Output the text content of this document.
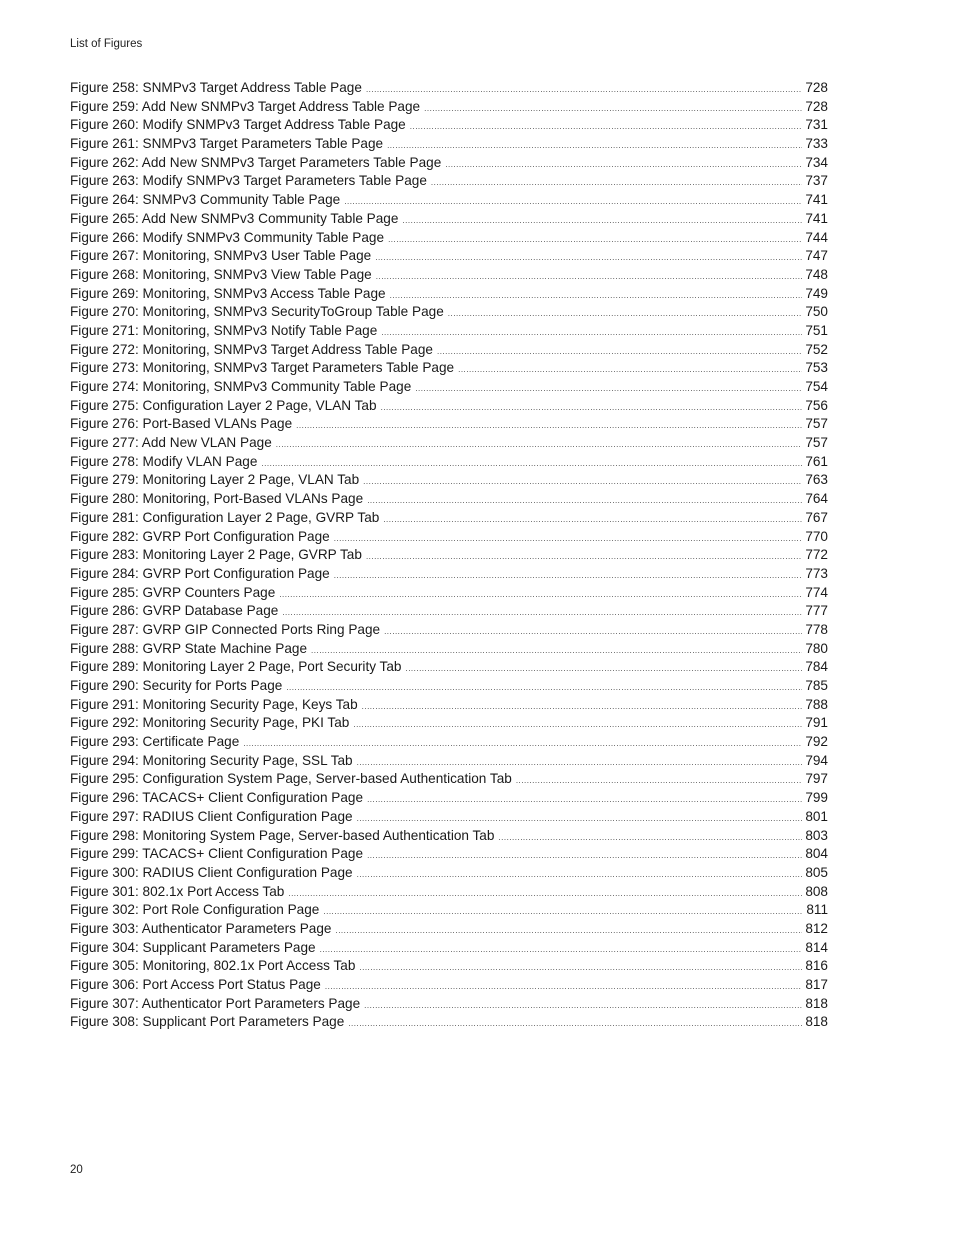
List of Figures
Figure 258: SNMPv3 Target Address Table Page .....	728
Figure 259: Add New SNMPv3 Target Address Table Page .....	728
Figure 260: Modify SNMPv3 Target Address Table Page .....	731
Figure 261: SNMPv3 Target Parameters Table Page .....	733
Figure 262: Add New SNMPv3 Target Parameters Table Page .....	734
Figure 263: Modify SNMPv3 Target Parameters Table Page .....	737
Figure 264: SNMPv3 Community Table Page .....	741
Figure 265: Add New SNMPv3 Community Table Page .....	741
Figure 266: Modify SNMPv3 Community Table Page .....	744
Figure 267: Monitoring, SNMPv3 User Table Page .....	747
Figure 268: Monitoring, SNMPv3 View Table Page .....	748
Figure 269: Monitoring, SNMPv3 Access Table Page .....	749
Figure 270: Monitoring, SNMPv3 SecurityToGroup Table Page .....	750
Figure 271: Monitoring, SNMPv3 Notify Table Page .....	751
Figure 272: Monitoring, SNMPv3 Target Address Table Page .....	752
Figure 273: Monitoring, SNMPv3 Target Parameters Table Page .....	753
Figure 274: Monitoring, SNMPv3 Community Table Page .....	754
Figure 275: Configuration Layer 2 Page, VLAN Tab .....	756
Figure 276: Port-Based VLANs Page .....	757
Figure 277: Add New VLAN Page .....	757
Figure 278: Modify VLAN Page .....	761
Figure 279: Monitoring Layer 2 Page, VLAN Tab .....	763
Figure 280: Monitoring, Port-Based VLANs Page .....	764
Figure 281: Configuration Layer 2 Page, GVRP Tab .....	767
Figure 282: GVRP Port Configuration Page .....	770
Figure 283: Monitoring Layer 2 Page, GVRP Tab .....	772
Figure 284: GVRP Port Configuration Page .....	773
Figure 285: GVRP Counters Page .....	774
Figure 286: GVRP Database Page .....	777
Figure 287: GVRP GIP Connected Ports Ring Page .....	778
Figure 288: GVRP State Machine Page .....	780
Figure 289: Monitoring Layer 2 Page, Port Security Tab .....	784
Figure 290: Security for Ports Page .....	785
Figure 291: Monitoring Security Page, Keys Tab .....	788
Figure 292: Monitoring Security Page, PKI Tab .....	791
Figure 293: Certificate Page .....	792
Figure 294: Monitoring Security Page, SSL Tab .....	794
Figure 295: Configuration System Page, Server-based Authentication Tab .....	797
Figure 296: TACACS+ Client Configuration Page .....	799
Figure 297: RADIUS Client Configuration Page .....	801
Figure 298: Monitoring System Page, Server-based Authentication Tab .....	803
Figure 299: TACACS+ Client Configuration Page .....	804
Figure 300: RADIUS Client Configuration Page .....	805
Figure 301: 802.1x Port Access Tab .....	808
Figure 302: Port Role Configuration Page .....	811
Figure 303: Authenticator Parameters Page .....	812
Figure 304: Supplicant Parameters Page .....	814
Figure 305: Monitoring, 802.1x Port Access Tab .....	816
Figure 306: Port Access Port Status Page .....	817
Figure 307: Authenticator Port Parameters Page .....	818
Figure 308: Supplicant Port Parameters Page .....	818
20
